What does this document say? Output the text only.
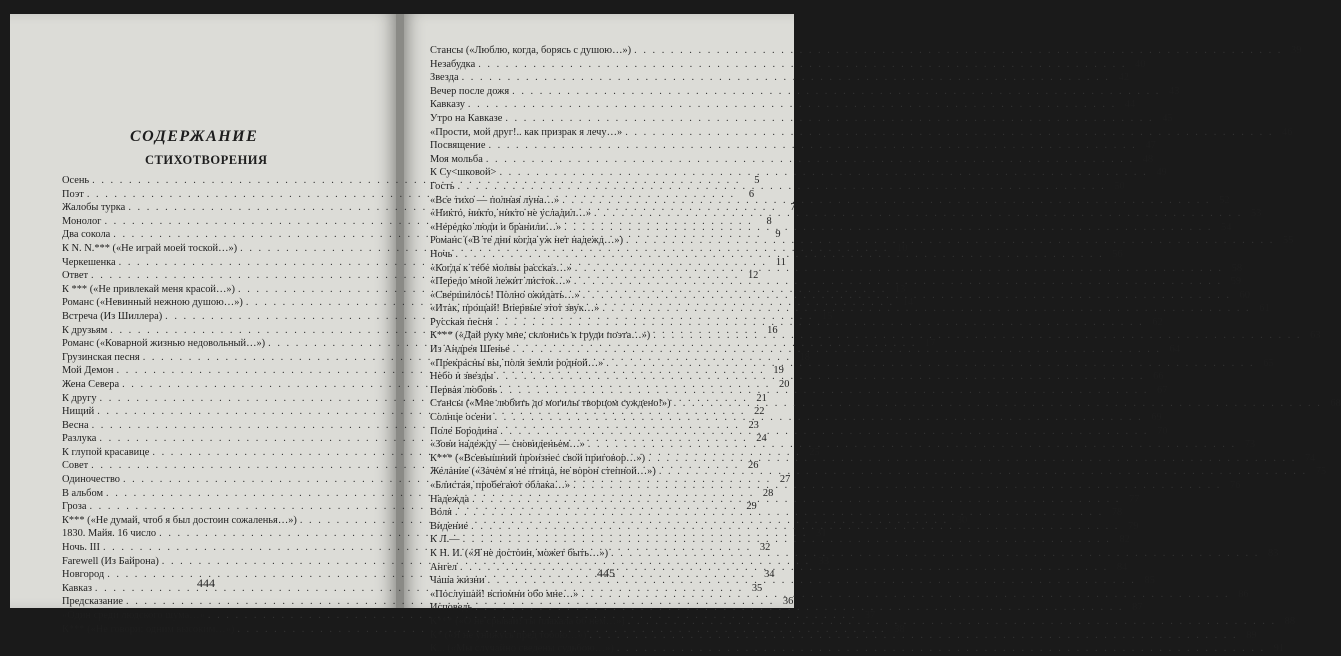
СОДЕРЖАНИЕ
СТИХОТВОРЕНИЯ
Осень . . .	5
Поэт . . .	6
Жалобы турка . . .	7
Монолог . . .	8
Два сокола . . .	9
К N. N.*** («Не играй моей тоской…») . . .	10
Черкешенка . . .	11
Ответ . . .	12
К *** («Не привлекай меня красой…») . . .	13
Романс («Невинный нежною душою…») . . .	14
Встреча (Из Шиллера) . . .	15
К друзьям . . .	16
Романс («Коварной жизнью недовольный…») . . .	17
Грузинская песня . . .	18
Мой Демон . . .	19
Жена Севера . . .	20
К другу . . .	21
Нищий . . .	22
Весна . . .	23
Разлука . . .	24
К глупой красавице . . .	25
Совет . . .	26
Одиночество . . .	27
В альбом . . .	28
Гроза . . .	29
К*** («Не думай, чтоб я был достоин сожаленья…») . . .	30
1830. Майя. 16 число . . .	31
Ночь. III . . .	32
Farewell (Из Байрона) . . .	33
Новгород . . .	34
Кавказ . . .	35
Предсказание . . .	36
«Один среди людского шума…» . . .	37
К*** («Не говори: одним высоким…») . . .	38
Стансы («Люблю, когда, борясь с душою…») . . .	39
Незабудка . . .	40
Звезда . . .	42
Вечер после дожя . . .	43
Кавказу . . .	44
Утро на Кавказе . . .	45
«Прости, мой друг!.. как призрак я лечу…» . . .	46
Посвящение . . .	47
Моя мольба . . .	48
К Су<шковой> . . .	49
Гость . . .	50
«Все тихо — полная луна…» . . .	52
«Никто, никто, никто не усладил…» . . .	53
«Нередко люди и бранили…» . . .	54
Романс («В те дни когда уж нет надежд…») . . .	55
Ночь . . .	56
«Когда к тебе молвы рассказ…» . . .	58
«Передо мной лежит листок…» . . .	59
«Свершилось! Полно ожидать…» . . .	60
«Итак, прощай! Впервые этот звук…» . . .	61
Русская песня . . .	62
К*** («Дай руку мне, склонись к груди поэта…») . . .	63
Из Андрея Шенье . . .	64
«Прекрасны вы, поля земли родной…» . . .	65
Небо и звезды . . .	66
Первая любовь . . .	67
Стансы («Мне любить до могилы творцом суждено!») . . .	68
Солнце осени . . .	69
Поле Бородина . . .	70
«Зови надежду — сновиденьем…» . . .	73
К*** («Всевышний произнес свой приговор…») . . .	74
Желание («Зачем я не птица, не ворон степной…») . . .	75
«Блистая, пробегают облака…» . . .	76
Надежда . . .	77
Воля . . .	78
Видение . . .	79
К Л.— . . .	82
К Н. И. («Я не достоин, может быть…») . . .	83
Ангел . . .	84
Чаша жизни . . .	85
«Послушай! вспомни обо мне…» . . .	86
Исповедь . . .	87
К*** («О не срывай! ты плакала об нем…») . . .	88
К* («Я не унижусь пред тобою…») . . .	89
К... («Мы случайно сведены судьбою…») . . .	91
444
445
